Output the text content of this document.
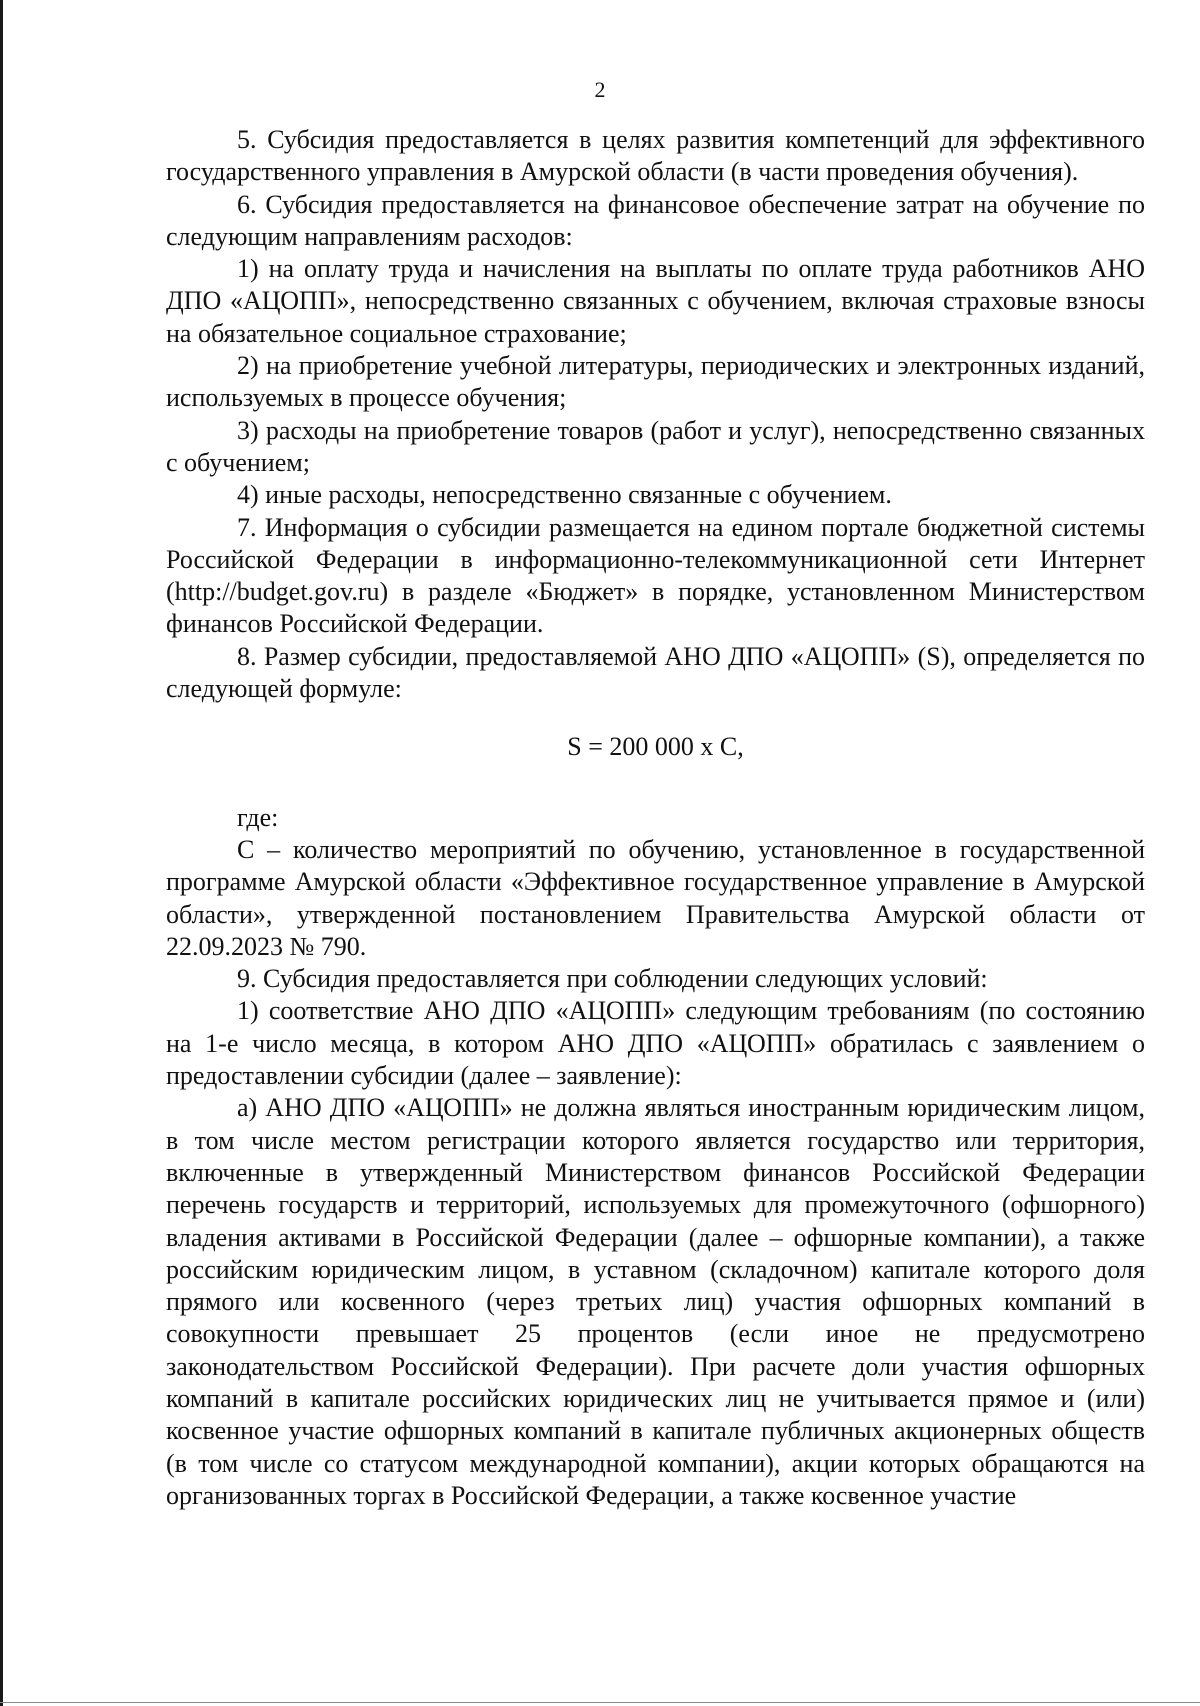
2

5. Субсидия предоставляется в целях развития компетенций для эффективного государственного управления в Амурской области (в части проведения обучения).

6. Субсидия предоставляется на финансовое обеспечение затрат на обучение по следующим направлениям расходов:

1) на оплату труда и начисления на выплаты по оплате труда работников АНО ДПО «АЦОПП», непосредственно связанных с обучением, включая страховые взносы на обязательное социальное страхование;

2) на приобретение учебной литературы, периодических и электронных изданий, используемых в процессе обучения;

3) расходы на приобретение товаров (работ и услуг), непосредственно связанных с обучением;

4) иные расходы, непосредственно связанные с обучением.

7. Информация о субсидии размещается на едином портале бюджетной системы Российской Федерации в информационно-телекоммуникационной сети Интернет (http://budget.gov.ru) в разделе «Бюджет» в порядке, установленном Министерством финансов Российской Федерации.

8. Размер субсидии, предоставляемой АНО ДПО «АЦОПП» (S), определяется по следующей формуле:

S = 200 000 x C,

где:

C – количество мероприятий по обучению, установленное в государственной программе Амурской области «Эффективное государственное управление в Амурской области», утвержденной постановлением Правительства Амурской области от 22.09.2023 № 790.

9. Субсидия предоставляется при соблюдении следующих условий:

1) соответствие АНО ДПО «АЦОПП» следующим требованиям (по состоянию на 1-е число месяца, в котором АНО ДПО «АЦОПП» обратилась с заявлением о предоставлении субсидии (далее – заявление):

а) АНО ДПО «АЦОПП» не должна являться иностранным юридическим лицом, в том числе местом регистрации которого является государство или территория, включенные в утвержденный Министерством финансов Российской Федерации перечень государств и территорий, используемых для промежуточного (офшорного) владения активами в Российской Федерации (далее – офшорные компании), а также российским юридическим лицом, в уставном (складочном) капитале которого доля прямого или косвенного (через третьих лиц) участия офшорных компаний в совокупности превышает 25 процентов (если иное не предусмотрено законодательством Российской Федерации). При расчете доли участия офшорных компаний в капитале российских юридических лиц не учитывается прямое и (или) косвенное участие офшорных компаний в капитале публичных акционерных обществ (в том числе со статусом международной компании), акции которых обращаются на организованных торгах в Российской Федерации, а также косвенное участие
